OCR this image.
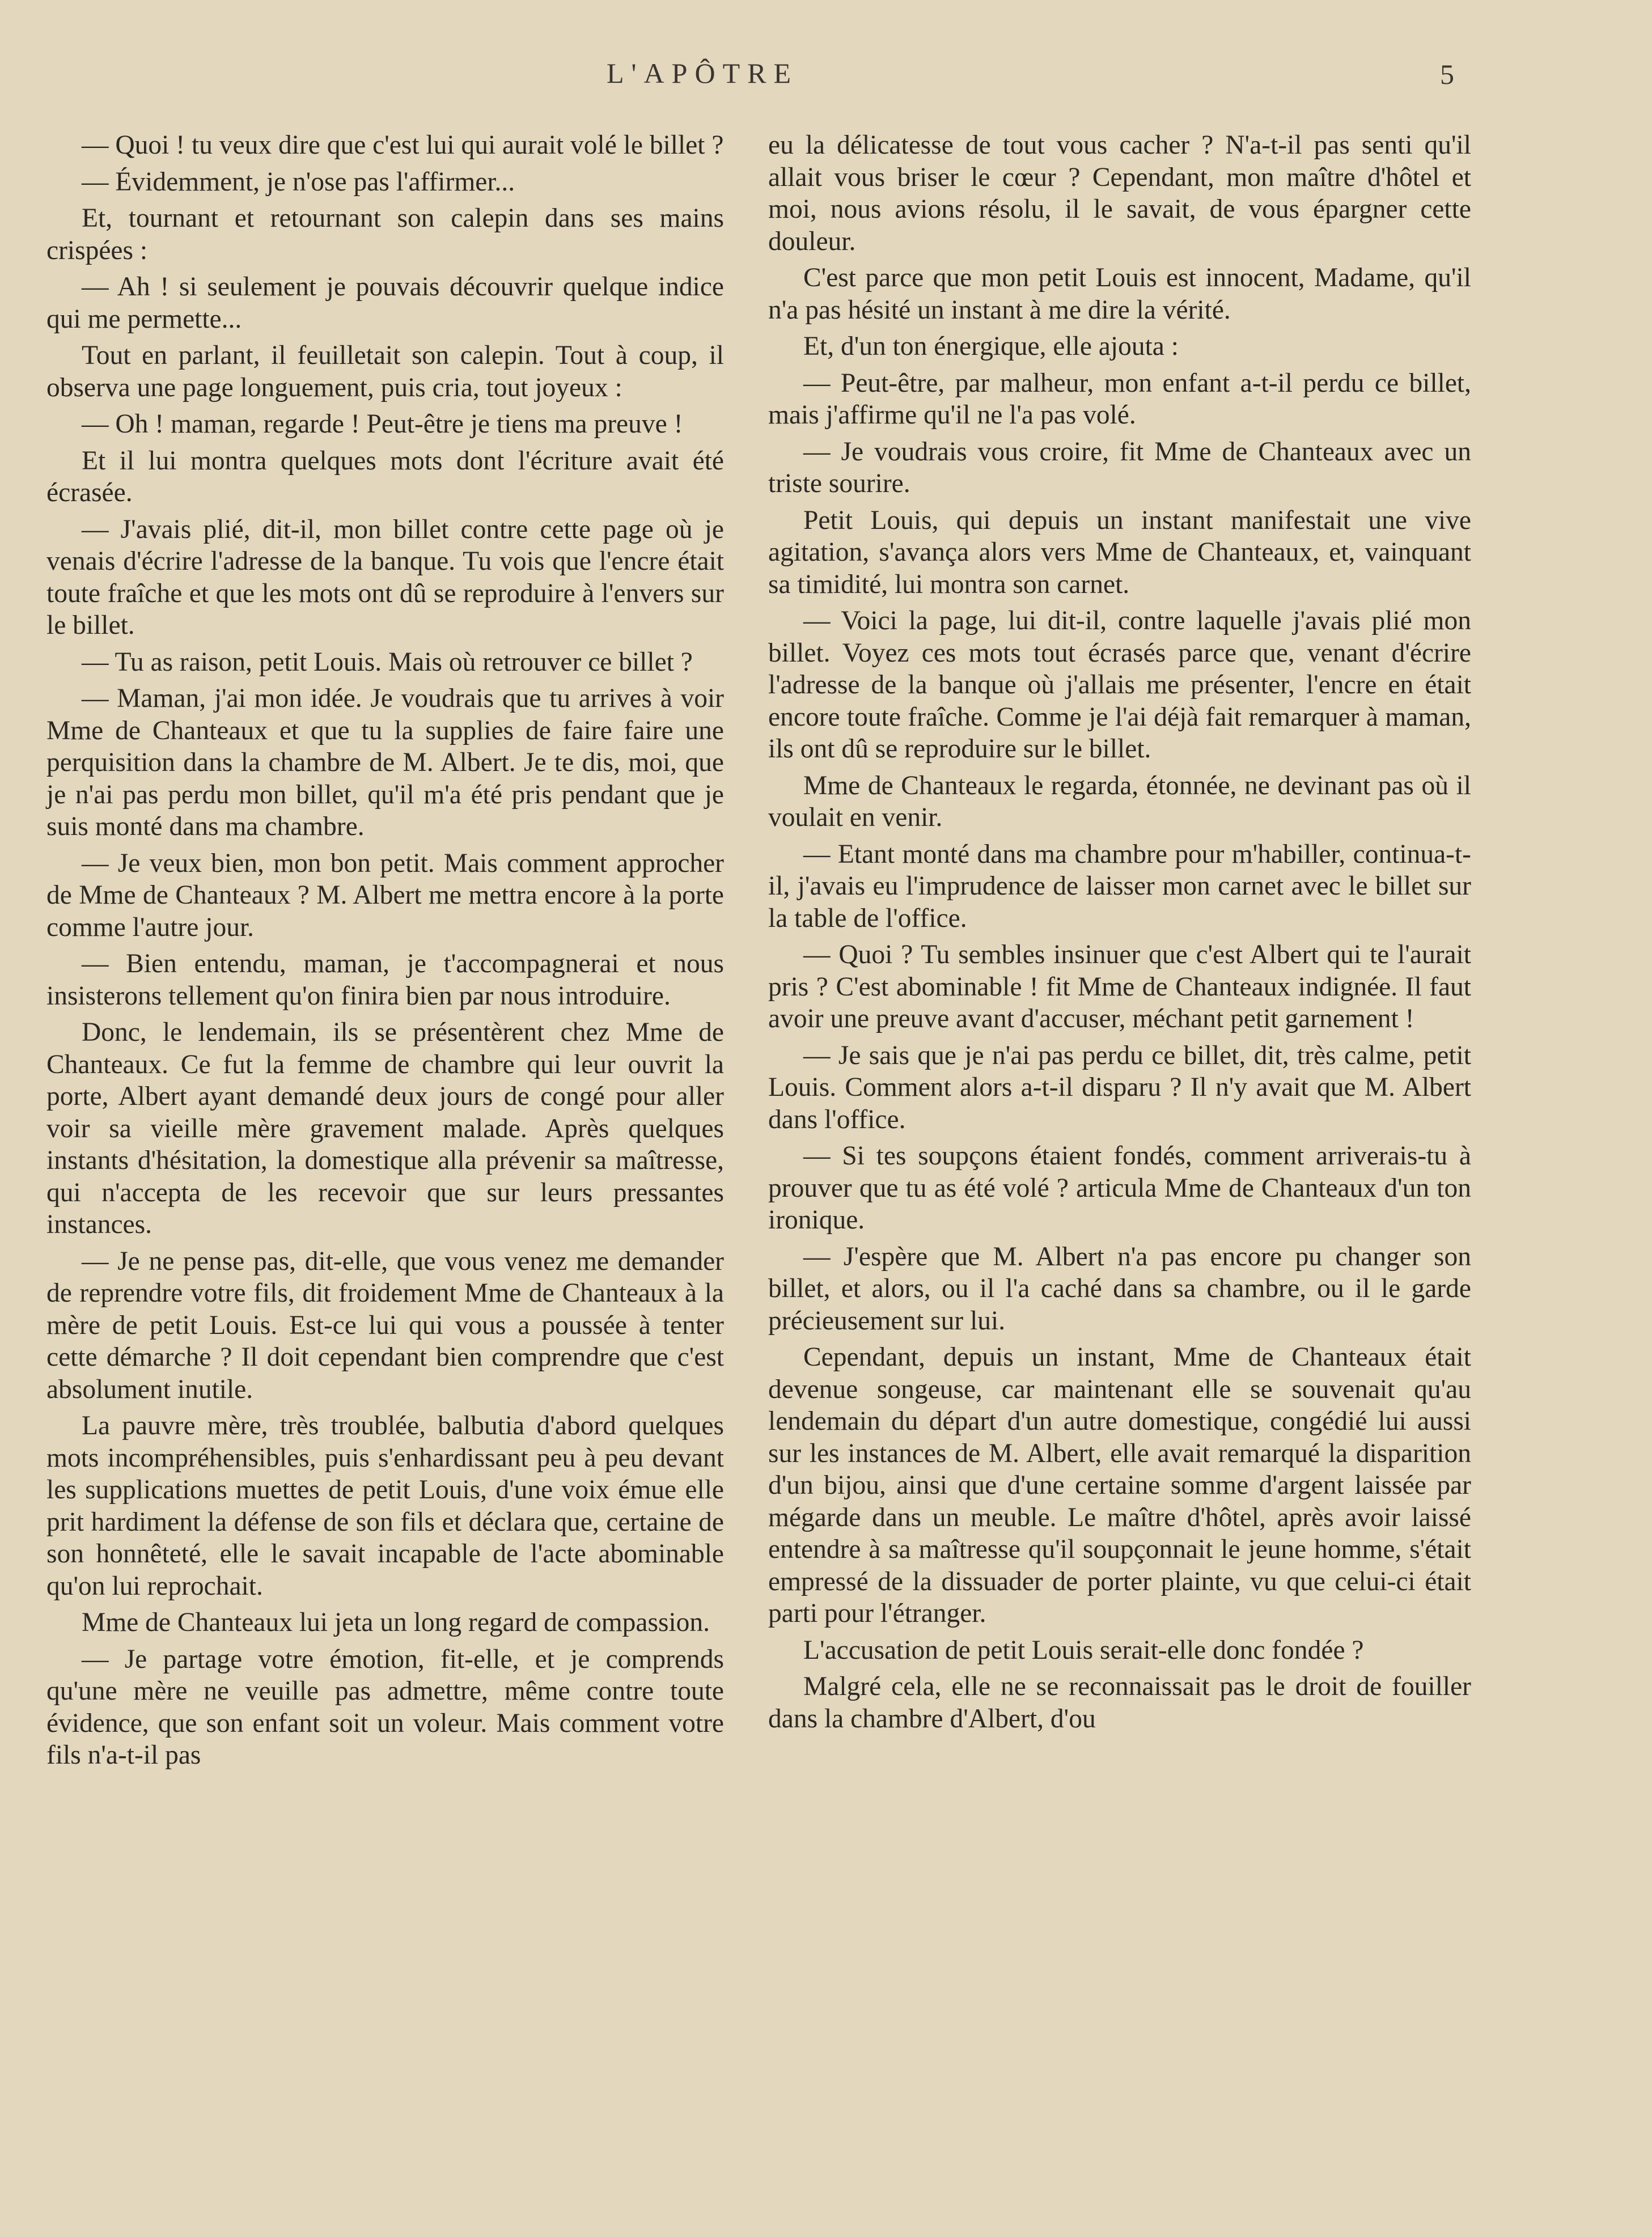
L'APÔTRE	5

— Quoi ! tu veux dire que c'est lui qui aurait volé le billet ?

— Évidemment, je n'ose pas l'affirmer...

Et, tournant et retournant son calepin dans ses mains crispées :

— Ah ! si seulement je pouvais découvrir quelque indice qui me permette...

Tout en parlant, il feuilletait son calepin. Tout à coup, il observa une page longuement, puis cria, tout joyeux :

— Oh ! maman, regarde ! Peut-être je tiens ma preuve !

Et il lui montra quelques mots dont l'écriture avait été écrasée.

— J'avais plié, dit-il, mon billet contre cette page où je venais d'écrire l'adresse de la banque. Tu vois que l'encre était toute fraîche et que les mots ont dû se reproduire à l'envers sur le billet.

— Tu as raison, petit Louis. Mais où retrouver ce billet ?

— Maman, j'ai mon idée. Je voudrais que tu arrives à voir Mme de Chanteaux et que tu la supplies de faire faire une perquisition dans la chambre de M. Albert. Je te dis, moi, que je n'ai pas perdu mon billet, qu'il m'a été pris pendant que je suis monté dans ma chambre.

— Je veux bien, mon bon petit. Mais comment approcher de Mme de Chanteaux ? M. Albert me mettra encore à la porte comme l'autre jour.

— Bien entendu, maman, je t'accompagnerai et nous insisterons tellement qu'on finira bien par nous introduire.

Donc, le lendemain, ils se présentèrent chez Mme de Chanteaux. Ce fut la femme de chambre qui leur ouvrit la porte, Albert ayant demandé deux jours de congé pour aller voir sa vieille mère gravement malade. Après quelques instants d'hésitation, la domestique alla prévenir sa maîtresse, qui n'accepta de les recevoir que sur leurs pressantes instances.

— Je ne pense pas, dit-elle, que vous venez me demander de reprendre votre fils, dit froidement Mme de Chanteaux à la mère de petit Louis. Est-ce lui qui vous a poussée à tenter cette démarche ? Il doit cependant bien comprendre que c'est absolument inutile.

La pauvre mère, très troublée, balbutia d'abord quelques mots incompréhensibles, puis s'enhardissant peu à peu devant les supplications muettes de petit Louis, d'une voix émue elle prit hardiment la défense de son fils et déclara que, certaine de son honnêteté, elle le savait incapable de l'acte abominable qu'on lui reprochait.

Mme de Chanteaux lui jeta un long regard de compassion.

— Je partage votre émotion, fit-elle, et je comprends qu'une mère ne veuille pas admettre, même contre toute évidence, que son enfant soit un voleur. Mais comment votre fils n'a-t-il pas

eu la délicatesse de tout vous cacher ? N'a-t-il pas senti qu'il allait vous briser le cœur ? Cependant, mon maître d'hôtel et moi, nous avions résolu, il le savait, de vous épargner cette douleur.

C'est parce que mon petit Louis est innocent, Madame, qu'il n'a pas hésité un instant à me dire la vérité.

Et, d'un ton énergique, elle ajouta :

— Peut-être, par malheur, mon enfant a-t-il perdu ce billet, mais j'affirme qu'il ne l'a pas volé.

— Je voudrais vous croire, fit Mme de Chanteaux avec un triste sourire.

Petit Louis, qui depuis un instant manifestait une vive agitation, s'avança alors vers Mme de Chanteaux, et, vainquant sa timidité, lui montra son carnet.

— Voici la page, lui dit-il, contre laquelle j'avais plié mon billet. Voyez ces mots tout écrasés parce que, venant d'écrire l'adresse de la banque où j'allais me présenter, l'encre en était encore toute fraîche. Comme je l'ai déjà fait remarquer à maman, ils ont dû se reproduire sur le billet.

Mme de Chanteaux le regarda, étonnée, ne devinant pas où il voulait en venir.

— Etant monté dans ma chambre pour m'habiller, continua-t-il, j'avais eu l'imprudence de laisser mon carnet avec le billet sur la table de l'office.

— Quoi ? Tu sembles insinuer que c'est Albert qui te l'aurait pris ? C'est abominable ! fit Mme de Chanteaux indignée. Il faut avoir une preuve avant d'accuser, méchant petit garnement !

— Je sais que je n'ai pas perdu ce billet, dit, très calme, petit Louis. Comment alors a-t-il disparu ? Il n'y avait que M. Albert dans l'office.

— Si tes soupçons étaient fondés, comment arriverais-tu à prouver que tu as été volé ? articula Mme de Chanteaux d'un ton ironique.

— J'espère que M. Albert n'a pas encore pu changer son billet, et alors, ou il l'a caché dans sa chambre, ou il le garde précieusement sur lui.

Cependant, depuis un instant, Mme de Chanteaux était devenue songeuse, car maintenant elle se souvenait qu'au lendemain du départ d'un autre domestique, congédié lui aussi sur les instances de M. Albert, elle avait remarqué la disparition d'un bijou, ainsi que d'une certaine somme d'argent laissée par mégarde dans un meuble. Le maître d'hôtel, après avoir laissé entendre à sa maîtresse qu'il soupçonnait le jeune homme, s'était empressé de la dissuader de porter plainte, vu que celui-ci était parti pour l'étranger.

L'accusation de petit Louis serait-elle donc fondée ?

Malgré cela, elle ne se reconnaissait pas le droit de fouiller dans la chambre d'Albert, d'ou
